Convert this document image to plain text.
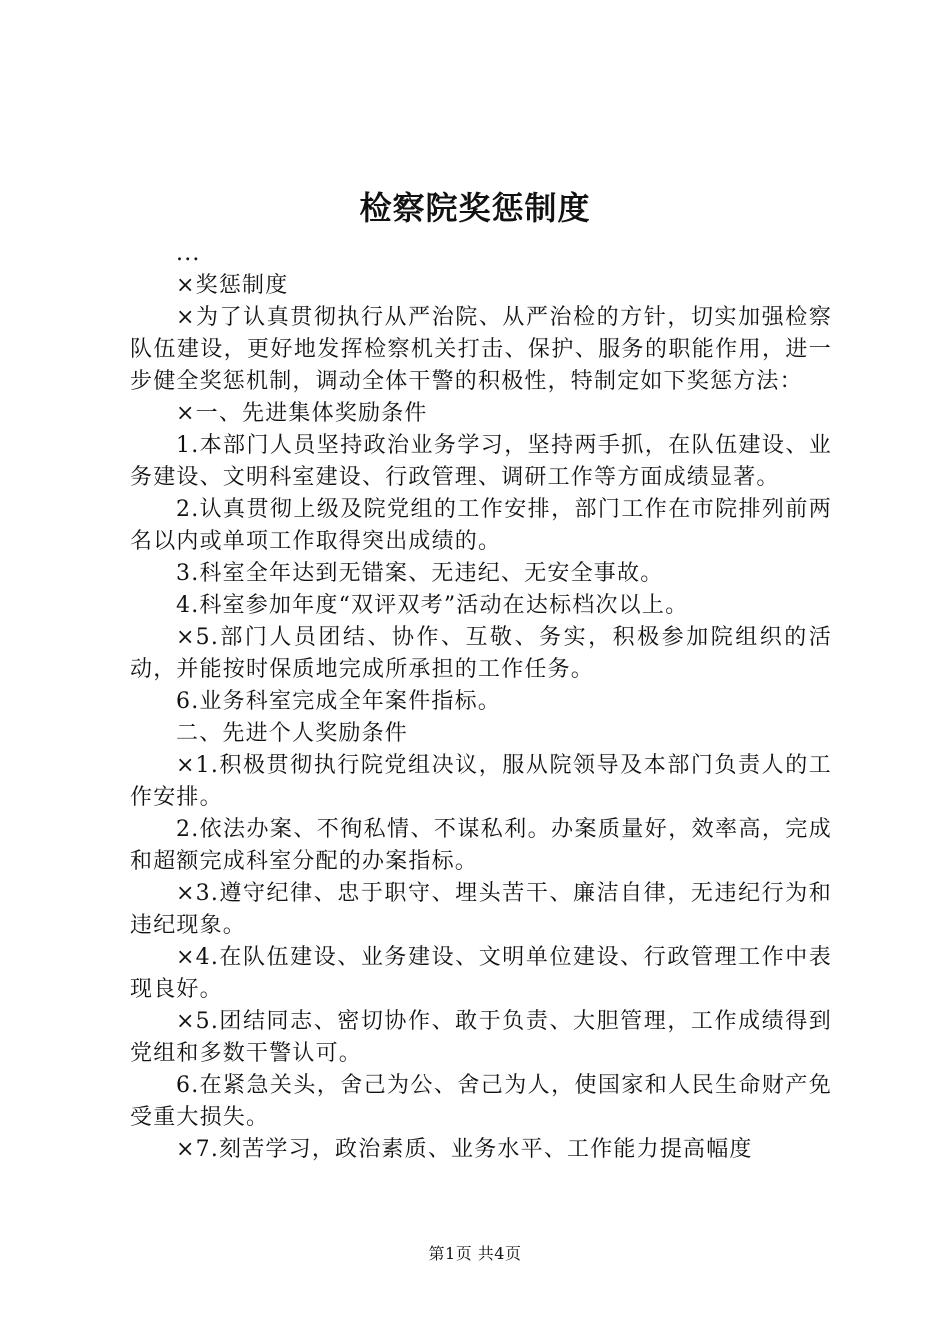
检察院奖惩制度

...

×奖惩制度

×为了认真贯彻执行从严治院、从严治检的方针，切实加强检察队伍建设，更好地发挥检察机关打击、保护、服务的职能作用，进一步健全奖惩机制，调动全体干警的积极性，特制定如下奖惩方法：

×一、先进集体奖励条件

1.本部门人员坚持政治业务学习，坚持两手抓，在队伍建设、业务建设、文明科室建设、行政管理、调研工作等方面成绩显著。

2.认真贯彻上级及院党组的工作安排，部门工作在市院排列前两名以内或单项工作取得突出成绩的。

3.科室全年达到无错案、无违纪、无安全事故。

4.科室参加年度“双评双考”活动在达标档次以上。

×5.部门人员团结、协作、互敬、务实，积极参加院组织的活动，并能按时保质地完成所承担的工作任务。

6.业务科室完成全年案件指标。

二、先进个人奖励条件

×1.积极贯彻执行院党组决议，服从院领导及本部门负责人的工作安排。

2.依法办案、不徇私情、不谋私利。办案质量好，效率高，完成和超额完成科室分配的办案指标。

×3.遵守纪律、忠于职守、埋头苦干、廉洁自律，无违纪行为和违纪现象。

×4.在队伍建设、业务建设、文明单位建设、行政管理工作中表现良好。

×5.团结同志、密切协作、敢于负责、大胆管理，工作成绩得到党组和多数干警认可。

6.在紧急关头，舍己为公、舍己为人，使国家和人民生命财产免受重大损失。

×7.刻苦学习，政治素质、业务水平、工作能力提高幅度

第1页 共4页
